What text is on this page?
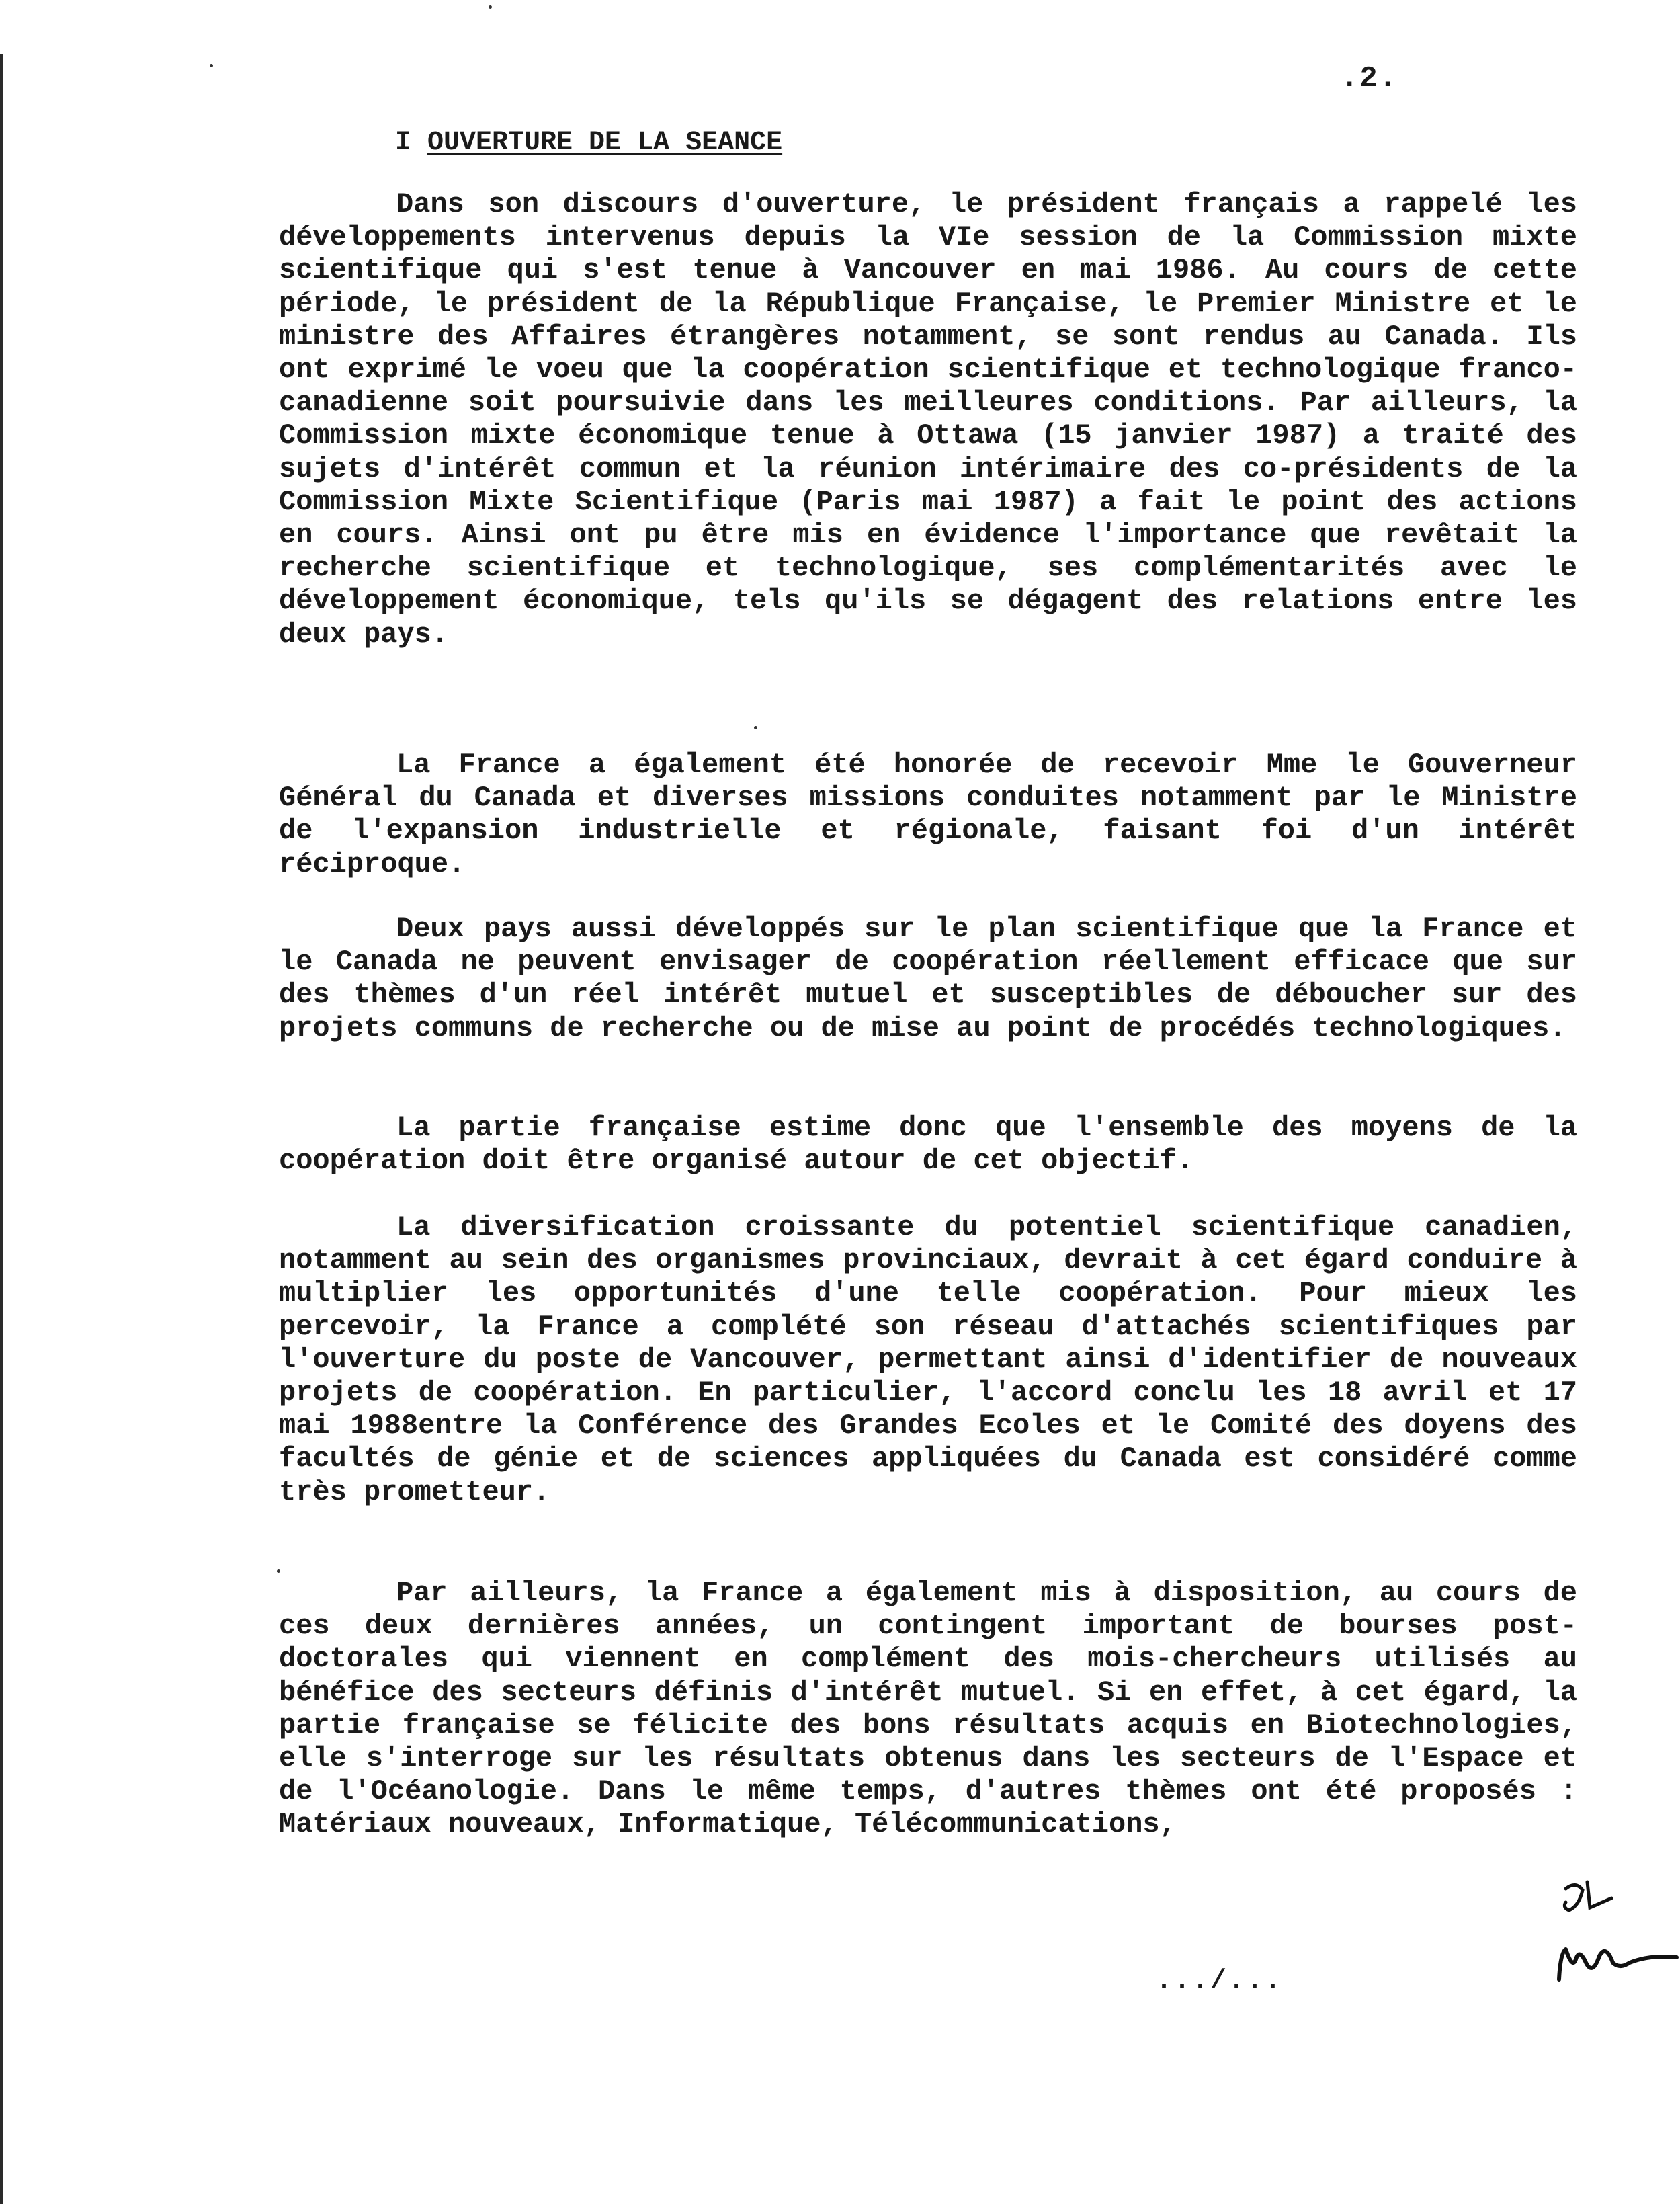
.2.
I OUVERTURE DE LA SEANCE

Dans son discours d'ouverture, le président français a rappelé les développements intervenus depuis la VIe session de la Commission mixte scientifique qui s'est tenue à Vancouver en mai 1986. Au cours de cette période, le président de la République Française, le Premier Ministre et le ministre des Affaires étrangères notamment, se sont rendus au Canada. Ils ont exprimé le voeu que la coopération scientifique et technologique franco-canadienne soit poursuivie dans les meilleures conditions. Par ailleurs, la Commission mixte économique tenue à Ottawa (15 janvier 1987) a traité des sujets d'intérêt commun et la réunion intérimaire des co-présidents de la Commission Mixte Scientifique (Paris mai 1987) a fait le point des actions en cours. Ainsi ont pu être mis en évidence l'importance que revêtait la recherche scientifique et technologique, ses complémentarités avec le développement économique, tels qu'ils se dégagent des relations entre les deux pays.

La France a également été honorée de recevoir Mme le Gouverneur Général du Canada et diverses missions conduites notamment par le Ministre de l'expansion industrielle et régionale, faisant foi d'un intérêt réciproque.

Deux pays aussi développés sur le plan scientifique que la France et le Canada ne peuvent envisager de coopération réellement efficace que sur des thèmes d'un réel intérêt mutuel et susceptibles de déboucher sur des projets communs de recherche ou de mise au point de procédés technologiques.

La partie française estime donc que l'ensemble des moyens de la coopération doit être organisé autour de cet objectif.

La diversification croissante du potentiel scientifique canadien, notamment au sein des organismes provinciaux, devrait à cet égard conduire à multiplier les opportunités d'une telle coopération. Pour mieux les percevoir, la France a complété son réseau d'attachés scientifiques par l'ouverture du poste de Vancouver, permettant ainsi d'identifier de nouveaux projets de coopération. En particulier, l'accord conclu les 18 avril et 17 mai 1988entre la Conférence des Grandes Ecoles et le Comité des doyens des facultés de génie et de sciences appliquées du Canada est considéré comme très prometteur.

Par ailleurs, la France a également mis à disposition, au cours de ces deux dernières années, un contingent important de bourses post-doctorales qui viennent en complément des mois-chercheurs utilisés au bénéfice des secteurs définis d'intérêt mutuel. Si en effet, à cet égard, la partie française se félicite des bons résultats acquis en Biotechnologies, elle s'interroge sur les résultats obtenus dans les secteurs de l'Espace et de l'Océanologie. Dans le même temps, d'autres thèmes ont été proposés : Matériaux nouveaux, Informatique, Télécommunications,

.../...
